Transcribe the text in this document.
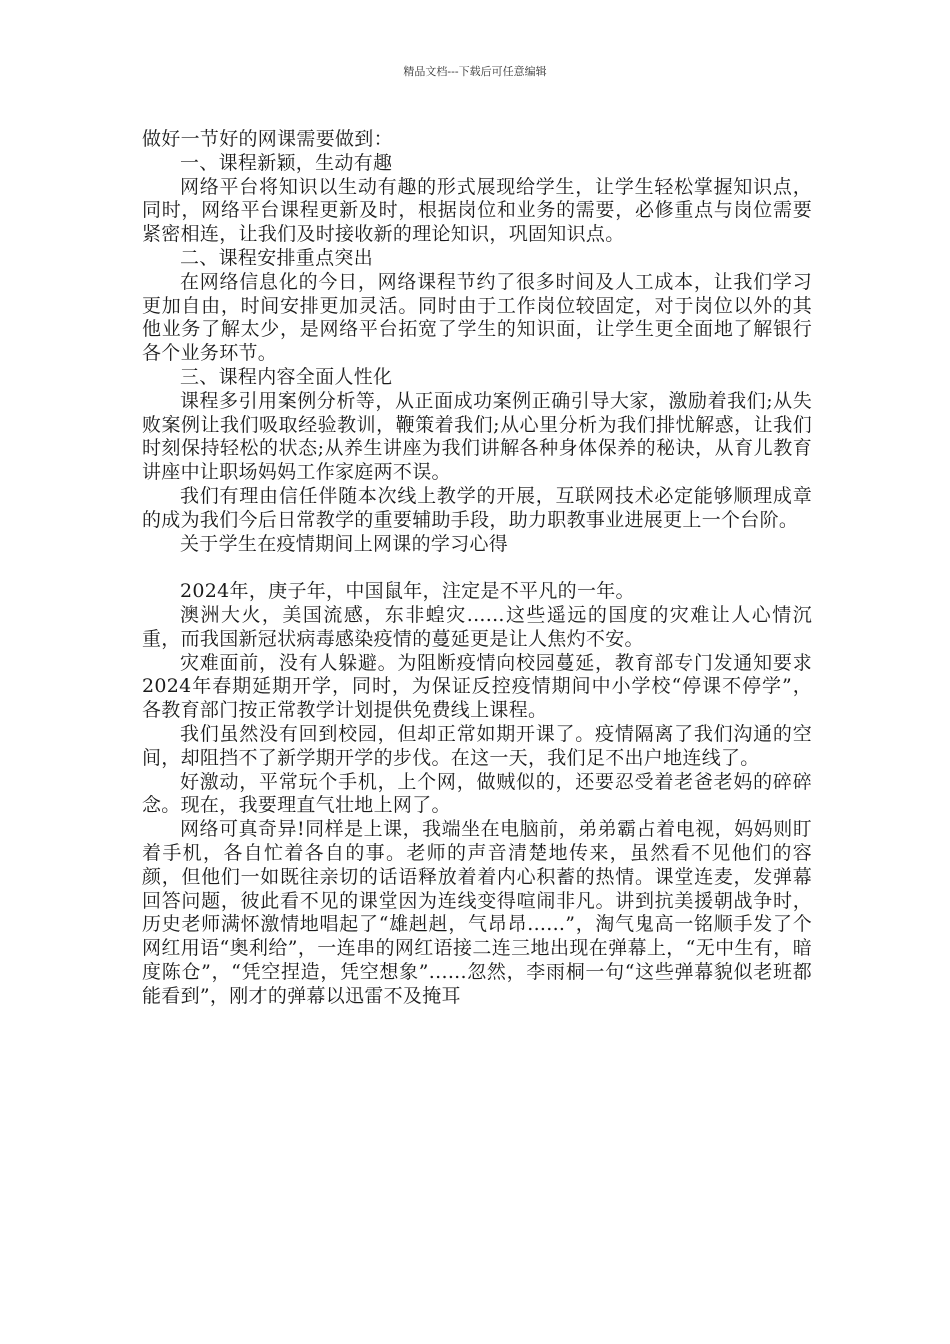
精品文档---下载后可任意编辑

做好一节好的网课需要做到：

一、课程新颖，生动有趣

网络平台将知识以生动有趣的形式展现给学生，让学生轻松掌握知识点，同时，网络平台课程更新及时，根据岗位和业务的需要，必修重点与岗位需要紧密相连，让我们及时接收新的理论知识，巩固知识点。

二、课程安排重点突出

在网络信息化的今日，网络课程节约了很多时间及人工成本，让我们学习更加自由，时间安排更加灵活。同时由于工作岗位较固定，对于岗位以外的其他业务了解太少，是网络平台拓宽了学生的知识面，让学生更全面地了解银行各个业务环节。

三、课程内容全面人性化

课程多引用案例分析等，从正面成功案例正确引导大家，激励着我们;从失败案例让我们吸取经验教训，鞭策着我们;从心里分析为我们排忧解惑，让我们时刻保持轻松的状态;从养生讲座为我们讲解各种身体保养的秘诀，从育儿教育讲座中让职场妈妈工作家庭两不误。

我们有理由信任伴随本次线上教学的开展，互联网技术必定能够顺理成章的成为我们今后日常教学的重要辅助手段，助力职教事业进展更上一个台阶。

关于学生在疫情期间上网课的学习心得

2024年，庚子年，中国鼠年，注定是不平凡的一年。

澳洲大火，美国流感，东非蝗灾......这些遥远的国度的灾难让人心情沉重，而我国新冠状病毒感染疫情的蔓延更是让人焦灼不安。

灾难面前，没有人躲避。为阻断疫情向校园蔓延，教育部专门发通知要求2024年春期延期开学，同时，为保证反控疫情期间中小学校“停课不停学”， 各教育部门按正常教学计划提供免费线上课程。

我们虽然没有回到校园，但却正常如期开课了。疫情隔离了我们沟通的空间，却阻挡不了新学期开学的步伐。在这一天，我们足不出户地连线了。

好激动，平常玩个手机，上个网，做贼似的，还要忍受着老爸老妈的碎碎念。现在，我要理直气壮地上网了。

网络可真奇异!同样是上课，我端坐在电脑前，弟弟霸占着电视，妈妈则盯着手机，各自忙着各自的事。老师的声音清楚地传来，虽然看不见他们的容颜，但他们一如既往亲切的话语释放着着内心积蓄的热情。课堂连麦，发弹幕回答问题，彼此看不见的课堂因为连线变得喧闹非凡。讲到抗美援朝战争时，历史老师满怀激情地唱起了“雄赳赳，气昂昂......”，淘气鬼高一铭顺手发了个网红用语“奥利给”，一连串的网红语接二连三地出现在弹幕上，“无中生有，暗度陈仓”，“凭空捏造，凭空想象”......忽然，李雨桐一句“这些弹幕貌似老班都能看到”，刚才的弹幕以迅雷不及掩耳
